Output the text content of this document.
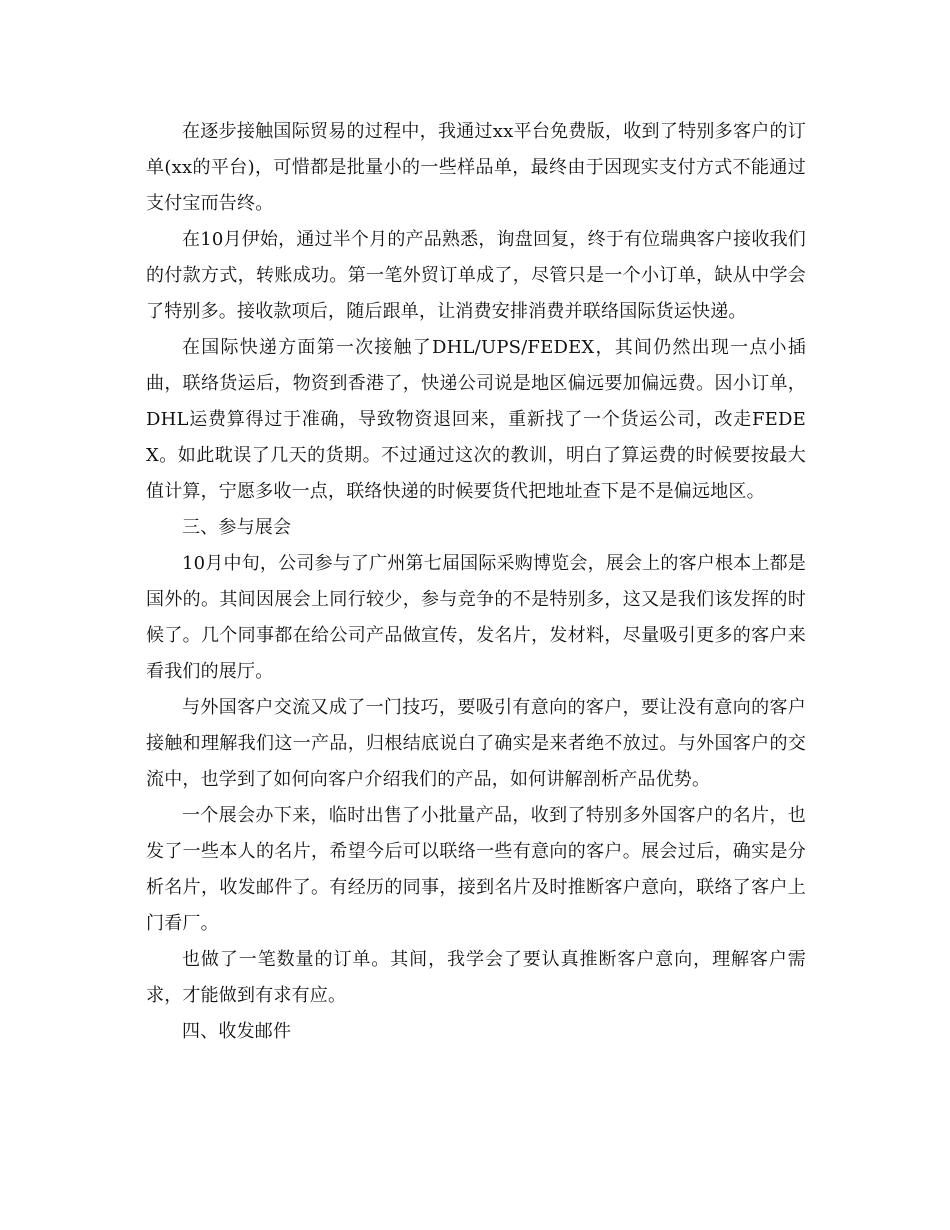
在逐步接触国际贸易的过程中，我通过xx平台免费版，收到了特别多客户的订单(xx的平台)，可惜都是批量小的一些样品单，最终由于因现实支付方式不能通过支付宝而告终。

在10月伊始，通过半个月的产品熟悉，询盘回复，终于有位瑞典客户接收我们的付款方式，转账成功。第一笔外贸订单成了，尽管只是一个小订单，缺从中学会了特别多。接收款项后，随后跟单，让消费安排消费并联络国际货运快递。

在国际快递方面第一次接触了DHL/UPS/FEDEX，其间仍然出现一点小插曲，联络货运后，物资到香港了，快递公司说是地区偏远要加偏远费。因小订单，DHL运费算得过于准确，导致物资退回来，重新找了一个货运公司，改走FEDEX。如此耽误了几天的货期。不过通过这次的教训，明白了算运费的时候要按最大值计算，宁愿多收一点，联络快递的时候要货代把地址查下是不是偏远地区。

三、参与展会

10月中旬，公司参与了广州第七届国际采购博览会，展会上的客户根本上都是国外的。其间因展会上同行较少，参与竞争的不是特别多，这又是我们该发挥的时候了。几个同事都在给公司产品做宣传，发名片，发材料，尽量吸引更多的客户来看我们的展厅。

与外国客户交流又成了一门技巧，要吸引有意向的客户，要让没有意向的客户接触和理解我们这一产品，归根结底说白了确实是来者绝不放过。与外国客户的交流中，也学到了如何向客户介绍我们的产品，如何讲解剖析产品优势。

一个展会办下来，临时出售了小批量产品，收到了特别多外国客户的名片，也发了一些本人的名片，希望今后可以联络一些有意向的客户。展会过后，确实是分析名片，收发邮件了。有经历的同事，接到名片及时推断客户意向，联络了客户上门看厂。

也做了一笔数量的订单。其间，我学会了要认真推断客户意向，理解客户需求，才能做到有求有应。

四、收发邮件
